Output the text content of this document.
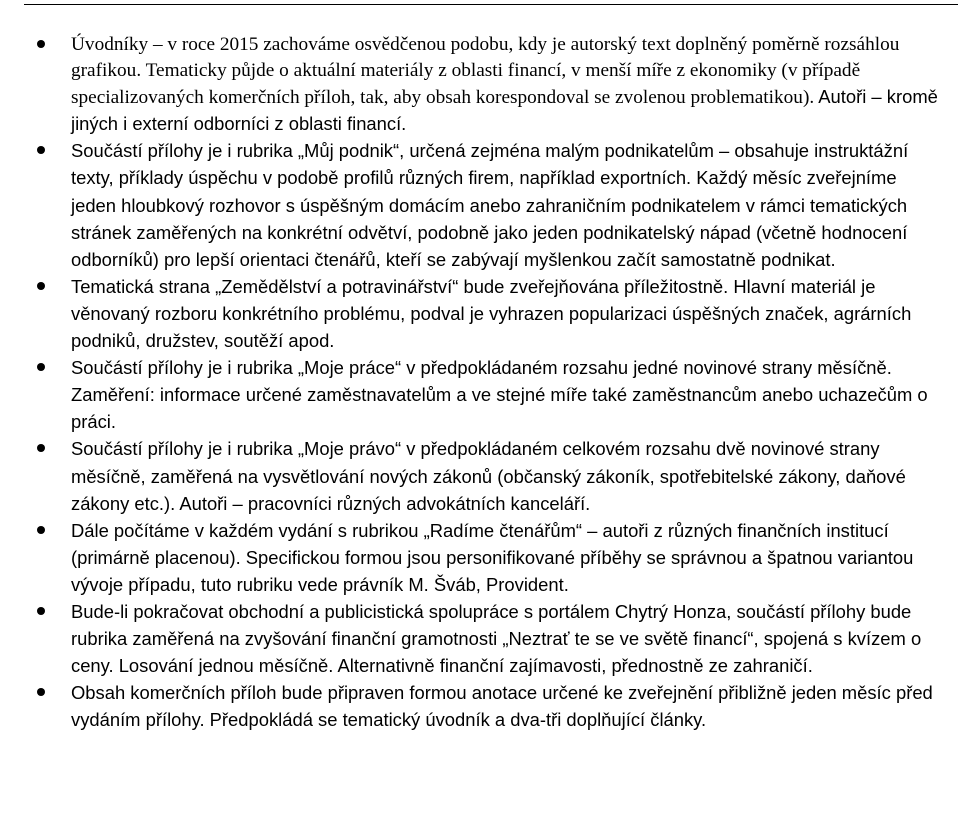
Úvodníky – v roce 2015 zachováme osvědčenou podobu, kdy je autorský text doplněný poměrně rozsáhlou grafikou. Tematicky půjde o aktuální materiály z oblasti financí, v menší míře z ekonomiky (v případě specializovaných komerčních příloh, tak, aby obsah korespondoval se zvolenou problematikou). Autoři – kromě jiných i externí odborníci z oblasti financí.
Součástí přílohy je i rubrika „Můj podnik“, určená zejména malým podnikatelům – obsahuje instruktážní texty, příklady úspěchu v podobě profilů různých firem, například exportních. Každý měsíc zveřejníme jeden hloubkový rozhovor s úspěšným domácím anebo zahraničním podnikatelem v rámci tematických stránek zaměřených na konkrétní odvětví, podobně jako jeden podnikatelský nápad (včetně hodnocení odborníků) pro lepší orientaci čtenářů, kteří se zabývají myšlenkou začít samostatně podnikat.
Tematická strana „Zemědělství a potravinářství“ bude zveřejňována příležitostně. Hlavní materiál je věnovaný rozboru konkrétního problému, podval je vyhrazen popularizaci úspěšných značek, agrárních podniků, družstev, soutěží apod.
Součástí přílohy je i rubrika „Moje práce“ v předpokládaném rozsahu jedné novinové strany měsíčně. Zaměření: informace určené zaměstnavatelům a ve stejné míře také zaměstnancům anebo uchazečům o práci.
Součástí přílohy je i rubrika „Moje právo“ v předpokládaném celkovém rozsahu dvě novinové strany měsíčně, zaměřená na vysvětlování nových zákonů (občanský zákoník, spotřebitelské zákony, daňové zákony etc.). Autoři – pracovníci různých advokátních kanceláří.
Dále počítáme v každém vydání s rubrikou „Radíme čtenářům“ – autoři z různých finančních institucí (primárně placenou). Specifickou formou jsou personifikované příběhy se správnou a špatnou variantou vývoje případu, tuto rubriku vede právník M. Šváb, Provident.
Bude-li pokračovat obchodní a publicistická spolupráce s portálem Chytrý Honza, součástí přílohy bude rubrika zaměřená na zvyšování finanční gramotnosti „Neztrať te se ve světě financí“, spojená s kvízem o ceny. Losování jednou měsíčně. Alternativně finanční zajímavosti, přednostně ze zahraničí.
Obsah komerčních příloh bude připraven formou anotace určené ke zveřejnění přibližně jeden měsíc před vydáním přílohy. Předpokládá se tematický úvodník a dva-tři doplňující články.
